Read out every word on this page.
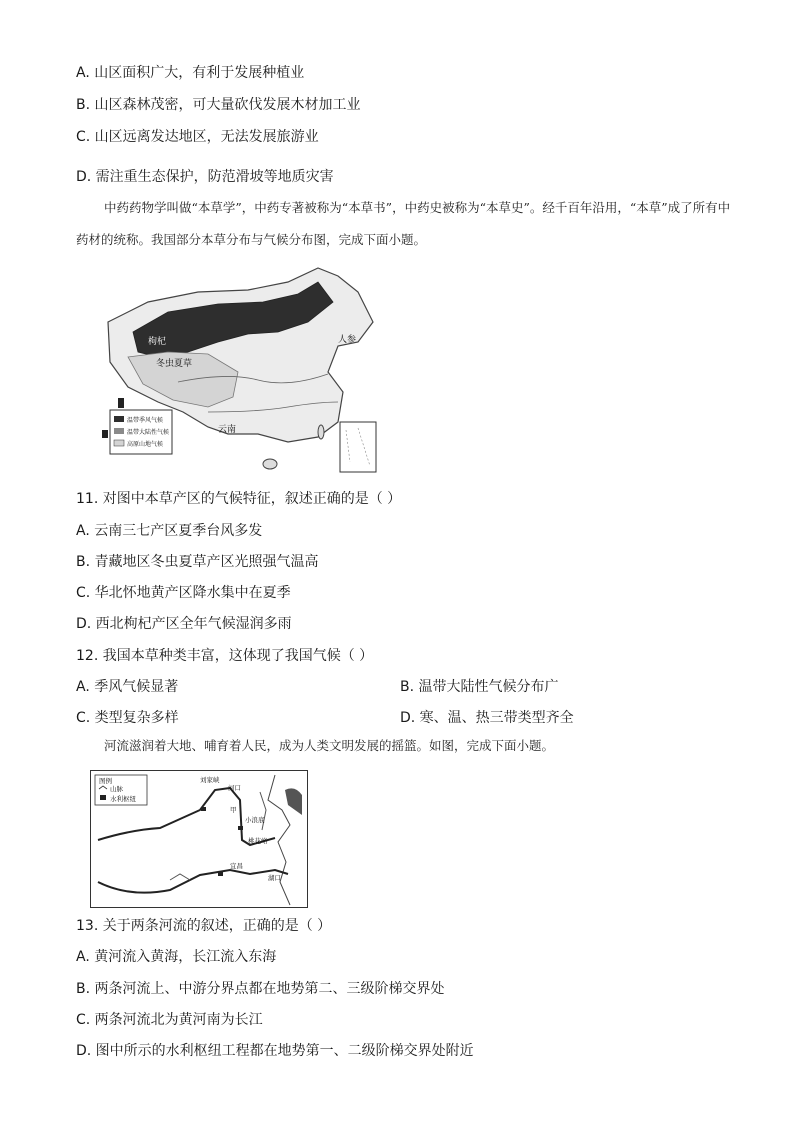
A. 山区面积广大，有利于发展种植业
B. 山区森林茂密，可大量砍伐发展木材加工业
C. 山区远离发达地区，无法发展旅游业
D. 需注重生态保护，防范滑坡等地质灾害
中药药物学叫做“本草学”，中药专著被称为“本草书”，中药史被称为“本草史”。经千百年沿用，“本草”成了所有中药材的统称。我国部分本草分布与气候分布图，完成下面小题。
枸杞
冬虫夏草
人参
云南
温带季风气候
温带大陆性气候
高原山地气候
11. 对图中本草产区的气候特征，叙述正确的是（ ）
A. 云南三七产区夏季台风多发
B. 青藏地区冬虫夏草产区光照强气温高
C. 华北怀地黄产区降水集中在夏季
D. 西北枸杞产区全年气候湿润多雨
12. 我国本草种类丰富，这体现了我国气候（ ）
A. 季风气候显著	B. 温带大陆性气候分布广
C. 类型复杂多样	D. 寒、温、热三带类型齐全
河流滋润着大地、哺育着人民，成为人类文明发展的摇篮。如图，完成下面小题。
图例
山脉
水利枢纽
刘家峡
河口
甲
小浪底
桃花峪
宜昌
湖口
13. 关于两条河流的叙述，正确的是（ ）
A. 黄河流入黄海，长江流入东海
B. 两条河流上、中游分界点都在地势第二、三级阶梯交界处
C. 两条河流北为黄河南为长江
D. 图中所示的水利枢纽工程都在地势第一、二级阶梯交界处附近
